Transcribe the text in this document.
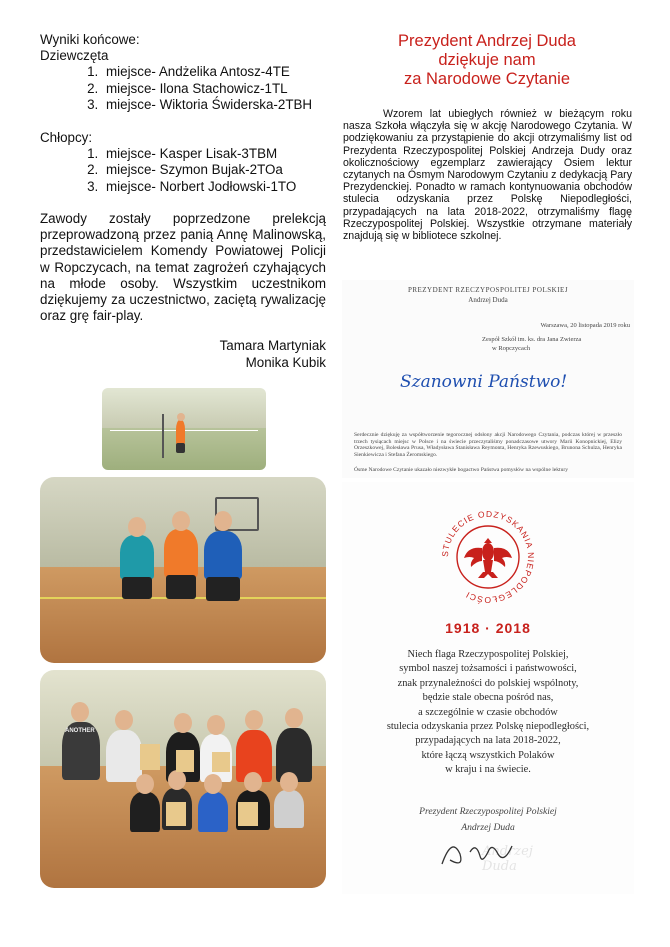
Wyniki końcowe:
Dziewczęta
1. miejsce- Andżelika Antosz-4TE
2. miejsce- Ilona Stachowicz-1TL
3. miejsce- Wiktoria Świderska-2TBH
Chłopcy:
1. miejsce- Kasper Lisak-3TBM
2. miejsce- Szymon Bujak-2TOa
3. miejsce- Norbert Jodłowski-1TO
Zawody zostały poprzedzone prelekcją przeprowadzoną przez panią Annę Malinowską, przedstawicielem Komendy Powiatowej Policji w Ropczycach, na temat zagrożeń czyhających na młode osoby. Wszystkim uczestnikom dziękujemy za uczestnictwo, zaciętą rywalizację oraz grę fair-play.
Tamara Martyniak
Monika Kubik
Prezydent Andrzej Duda
dziękuje nam
za Narodowe Czytanie
Wzorem lat ubiegłych również w bieżącym roku nasza Szkoła włączyła się w akcję Narodowego Czytania. W podziękowaniu za przystąpienie do akcji otrzymaliśmy list od Prezydenta Rzeczypospolitej Polskiej Andrzeja Dudy oraz okolicznościowy egzemplarz zawierający Osiem lektur czytanych na Ósmym Narodowym Czytaniu z dedykacją Pary Prezydenckiej. Ponadto w ramach kontynuowania obchodów stulecia odzyskania przez Polskę Niepodległości, przypadających na lata 2018-2022, otrzymaliśmy flagę Rzeczypospolitej Polskiej. Wszystkie otrzymane materiały znajdują się w bibliotece szkolnej.
PREZYDENT RZECZYPOSPOLITEJ POLSKIEJ
Andrzej Duda
Warszawa, 20 listopada 2019 roku
Zespół Szkół im. ks. dra Jana Zwierza
w Ropczycach
Szanowni Państwo!
Serdecznie dziękuję za współtworzenie tegorocznej odsłony akcji Narodowego Czytania, podczas której w przeszło trzech tysiącach miejsc w Polsce i na świecie przeczytaliśmy ponadczasowe utwory Marii Konopnickiej, Elizy Orzeszkowej, Bolesława Prusa, Władysława Stanisława Reymonta, Henryka Rzewuskiego, Brunona Schulza, Henryka Sienkiewicza i Stefana Żeromskiego.
Ósme Narodowe Czytanie ukazało niezwykłe bogactwo Państwa pomysłów na wspólne lektury
STULECIE ODZYSKANIA NIEPODLEGŁOŚCI
1918 · 2018
Niech flaga Rzeczypospolitej Polskiej,
symbol naszej tożsamości i państwowości,
znak przynależności do polskiej wspólnoty,
będzie stale obecna pośród nas,
a szczególnie w czasie obchodów
stulecia odzyskania przez Polskę niepodległości,
przypadających na lata 2018-2022,
które łączą wszystkich Polaków
w kraju i na świecie.
Prezydent Rzeczypospolitej Polskiej
Andrzej Duda
Andrzej Duda
ANOTHER
